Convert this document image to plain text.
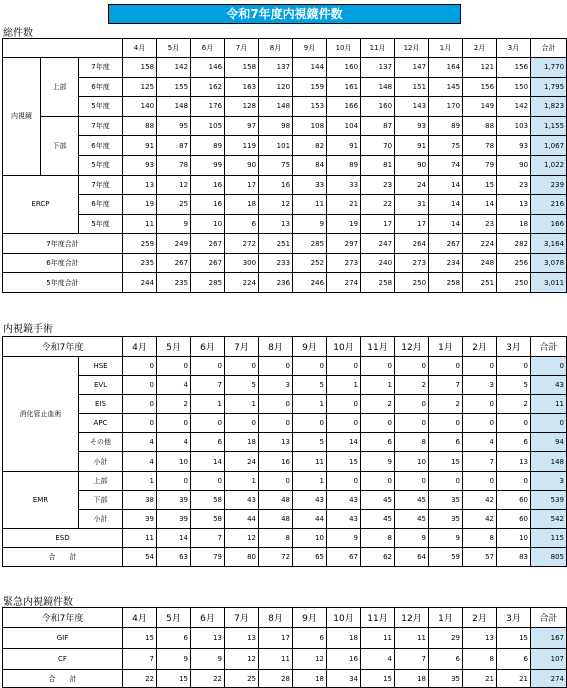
令和7年度内視鏡件数
総件数
			4月	5月	6月	7月	8月	9月	10月	11月	12月	1月	2月	3月	合計
内視鏡	上部	7年度	158	142	146	158	137	144	160	137	147	164	121	156	1,770
		6年度	125	155	162	163	120	159	161	148	151	145	156	150	1,795
		5年度	140	148	176	128	148	153	166	160	143	170	149	142	1,823
	下部	7年度	88	95	105	97	98	108	104	87	93	89	88	103	1,155
		6年度	91	87	89	119	101	82	91	70	91	75	78	93	1,067
		5年度	93	78	99	90	75	84	89	81	90	74	79	90	1,022
ERCP		7年度	13	12	16	17	16	33	33	23	24	14	15	23	239
		6年度	19	25	16	18	12	11	21	22	31	14	14	13	216
		5年度	11	9	10	6	13	9	19	17	17	14	23	18	166
7年度合計			259	249	267	272	251	285	297	247	264	267	224	282	3,164
6年度合計			235	267	267	300	233	252	273	240	273	234	248	256	3,078
5年度合計			244	235	285	224	236	246	274	258	250	258	251	250	3,011
内視鏡手術
令和7年度		4月	5月	6月	7月	8月	9月	10月	11月	12月	1月	2月	3月	合計
消化管止血術	HSE	0	0	0	0	0	0	0	0	0	0	0	0	0
	EVL	0	4	7	5	3	5	1	1	2	7	3	5	43
	EIS	0	2	1	1	0	1	0	2	0	2	0	2	11
	APC	0	0	0	0	0	0	0	0	0	0	0	0	0
	その他	4	4	6	18	13	5	14	6	8	6	4	6	94
	小計	4	10	14	24	16	11	15	9	10	15	7	13	148
EMR	上部	1	0	0	1	0	1	0	0	0	0	0	0	3
	下部	38	39	58	43	48	43	43	45	45	35	42	60	539
	小計	39	39	58	44	48	44	43	45	45	35	42	60	542
ESD		11	14	7	12	8	10	9	8	9	9	8	10	115
合　　計		54	63	79	80	72	65	67	62	64	59	57	83	805
緊急内視鏡件数
令和7年度	4月	5月	6月	7月	8月	9月	10月	11月	12月	1月	2月	3月	合計
GIF	15	6	13	13	17	6	18	11	11	29	13	15	167
CF	7	9	9	12	11	12	16	4	7	6	8	6	107
合　　計	22	15	22	25	28	18	34	15	18	35	21	21	274
